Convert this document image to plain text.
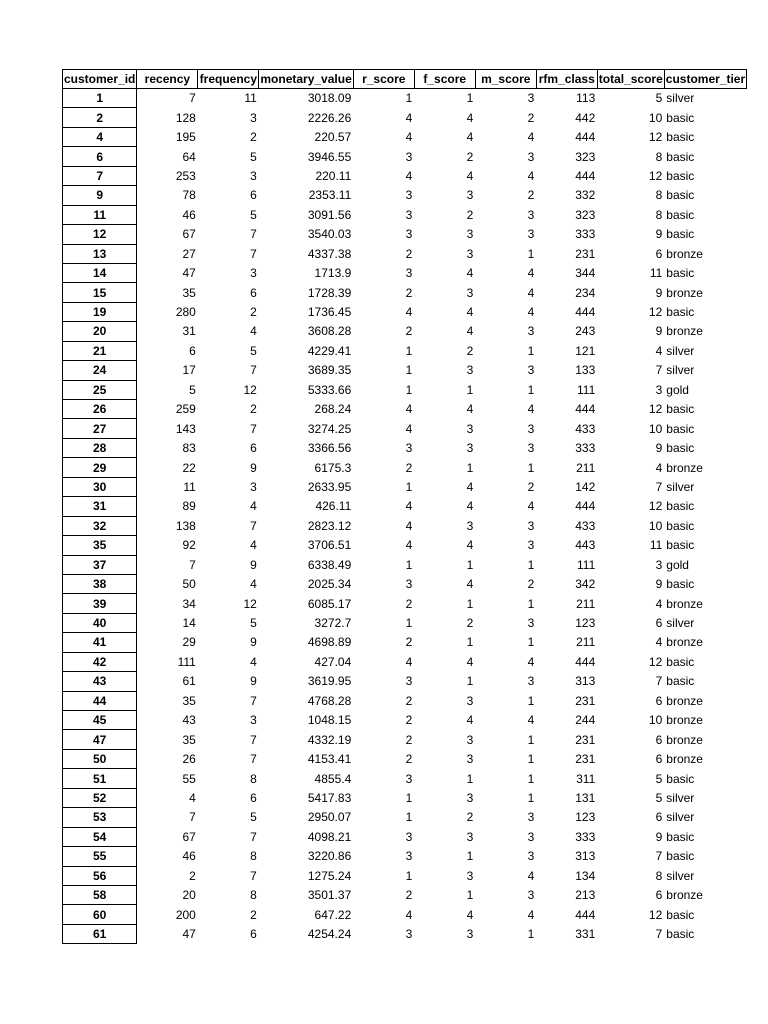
customer_id	recency	frequency	monetary_value	r_score	f_score	m_score	rfm_class	total_score	customer_tier

1	7	11	3018.09	1	1	3	113	5	silver
2	128	3	2226.26	4	4	2	442	10	basic
4	195	2	220.57	4	4	4	444	12	basic
6	64	5	3946.55	3	2	3	323	8	basic
7	253	3	220.11	4	4	4	444	12	basic
9	78	6	2353.11	3	3	2	332	8	basic
11	46	5	3091.56	3	2	3	323	8	basic
12	67	7	3540.03	3	3	3	333	9	basic
13	27	7	4337.38	2	3	1	231	6	bronze
14	47	3	1713.9	3	4	4	344	11	basic
15	35	6	1728.39	2	3	4	234	9	bronze
19	280	2	1736.45	4	4	4	444	12	basic
20	31	4	3608.28	2	4	3	243	9	bronze
21	6	5	4229.41	1	2	1	121	4	silver
24	17	7	3689.35	1	3	3	133	7	silver
25	5	12	5333.66	1	1	1	111	3	gold
26	259	2	268.24	4	4	4	444	12	basic
27	143	7	3274.25	4	3	3	433	10	basic
28	83	6	3366.56	3	3	3	333	9	basic
29	22	9	6175.3	2	1	1	211	4	bronze
30	11	3	2633.95	1	4	2	142	7	silver
31	89	4	426.11	4	4	4	444	12	basic
32	138	7	2823.12	4	3	3	433	10	basic
35	92	4	3706.51	4	4	3	443	11	basic
37	7	9	6338.49	1	1	1	111	3	gold
38	50	4	2025.34	3	4	2	342	9	basic
39	34	12	6085.17	2	1	1	211	4	bronze
40	14	5	3272.7	1	2	3	123	6	silver
41	29	9	4698.89	2	1	1	211	4	bronze
42	111	4	427.04	4	4	4	444	12	basic
43	61	9	3619.95	3	1	3	313	7	basic
44	35	7	4768.28	2	3	1	231	6	bronze
45	43	3	1048.15	2	4	4	244	10	bronze
47	35	7	4332.19	2	3	1	231	6	bronze
50	26	7	4153.41	2	3	1	231	6	bronze
51	55	8	4855.4	3	1	1	311	5	basic
52	4	6	5417.83	1	3	1	131	5	silver
53	7	5	2950.07	1	2	3	123	6	silver
54	67	7	4098.21	3	3	3	333	9	basic
55	46	8	3220.86	3	1	3	313	7	basic
56	2	7	1275.24	1	3	4	134	8	silver
58	20	8	3501.37	2	1	3	213	6	bronze
60	200	2	647.22	4	4	4	444	12	basic
61	47	6	4254.24	3	3	1	331	7	basic
